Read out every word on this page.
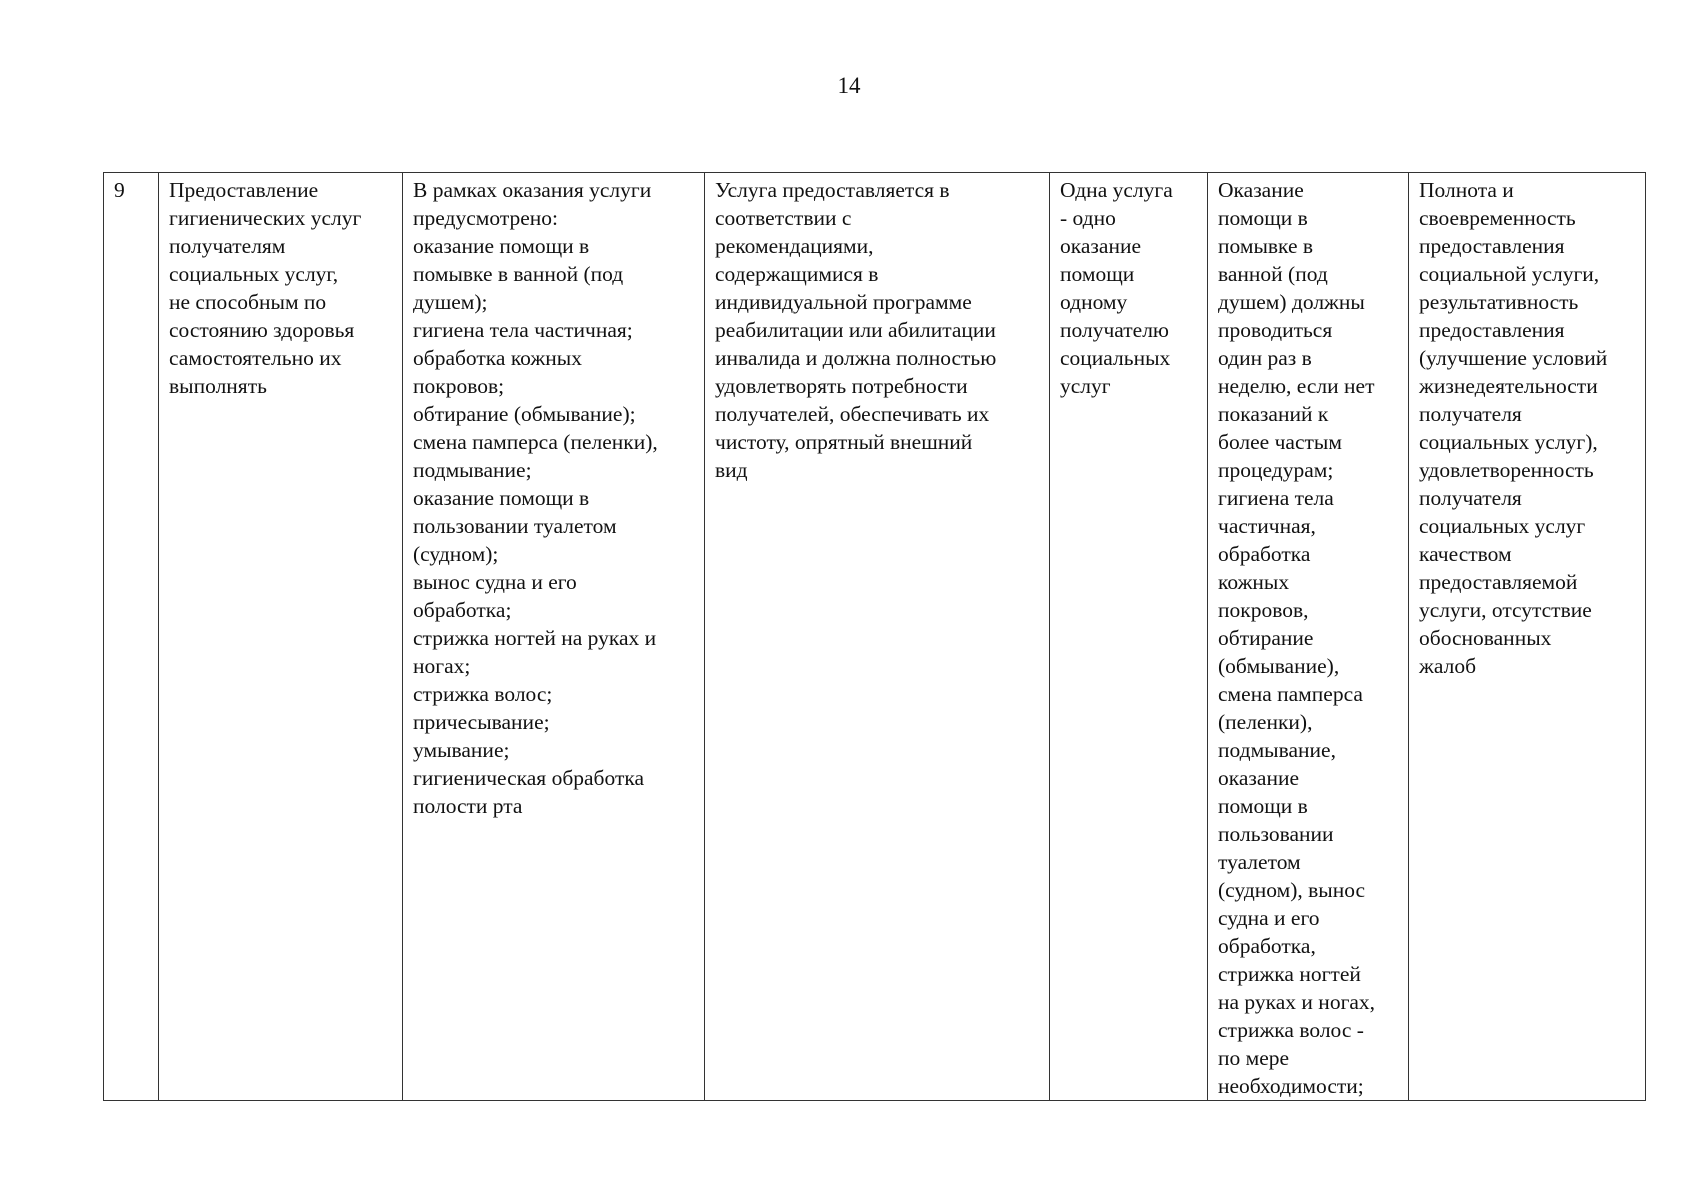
14
9	Предоставление
гигиенических услуг
получателям
социальных услуг,
не способным по
состоянию здоровья
самостоятельно их
выполнять	В рамках оказания услуги
предусмотрено:
оказание помощи в
помывке в ванной (под
душем);
гигиена тела частичная;
обработка кожных
покровов;
обтирание (обмывание);
смена памперса (пеленки),
подмывание;
оказание помощи в
пользовании туалетом
(судном);
вынос судна и его
обработка;
стрижка ногтей на руках и
ногах;
стрижка волос;
причесывание;
умывание;
гигиеническая обработка
полости рта	Услуга предоставляется в
соответствии с
рекомендациями,
содержащимися в
индивидуальной программе
реабилитации или абилитации
инвалида и должна полностью
удовлетворять потребности
получателей, обеспечивать их
чистоту, опрятный внешний
вид	Одна услуга
- одно
оказание
помощи
одному
получателю
социальных
услуг	Оказание
помощи в
помывке в
ванной (под
душем) должны
проводиться
один раз в
неделю, если нет
показаний к
более частым
процедурам;
гигиена тела
частичная,
обработка
кожных
покровов,
обтирание
(обмывание),
смена памперса
(пеленки),
подмывание,
оказание
помощи в
пользовании
туалетом
(судном), вынос
судна и его
обработка,
стрижка ногтей
на руках и ногах,
стрижка волос -
по мере
необходимости;	Полнота и
своевременность
предоставления
социальной услуги,
результативность
предоставления
(улучшение условий
жизнедеятельности
получателя
социальных услуг),
удовлетворенность
получателя
социальных услуг
качеством
предоставляемой
услуги, отсутствие
обоснованных
жалоб
